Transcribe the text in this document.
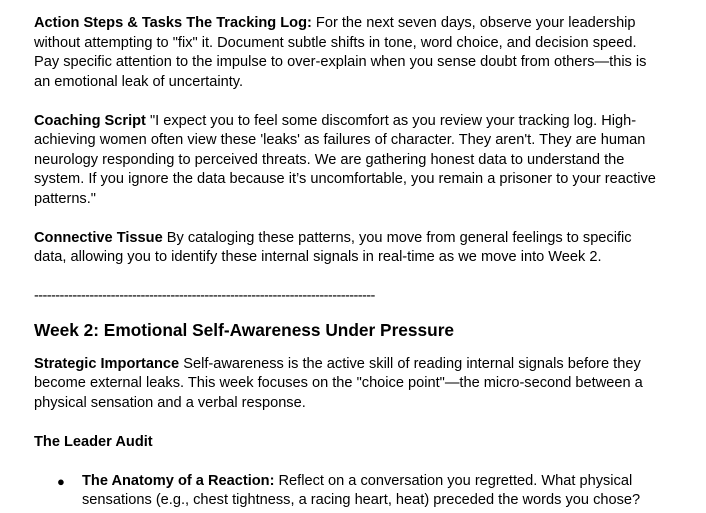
Action Steps & Tasks The Tracking Log: For the next seven days, observe your leadership without attempting to "fix" it. Document subtle shifts in tone, word choice, and decision speed. Pay specific attention to the impulse to over-explain when you sense doubt from others—this is an emotional leak of uncertainty.

Coaching Script "I expect you to feel some discomfort as you review your tracking log. High-achieving women often view these 'leaks' as failures of character. They aren't. They are human neurology responding to perceived threats. We are gathering honest data to understand the system. If you ignore the data because it’s uncomfortable, you remain a prisoner to your reactive patterns."

Connective Tissue By cataloging these patterns, you move from general feelings to specific data, allowing you to identify these internal signals in real-time as we move into Week 2.

--------------------------------------------------------------------------------
Week 2: Emotional Self-Awareness Under Pressure

Strategic Importance Self-awareness is the active skill of reading internal signals before they become external leaks. This week focuses on the "choice point"—the micro-second between a physical sensation and a verbal response.

The Leader Audit

● The Anatomy of a Reaction: Reflect on a conversation you regretted. What physical sensations (e.g., chest tightness, a racing heart, heat) preceded the words you chose?
